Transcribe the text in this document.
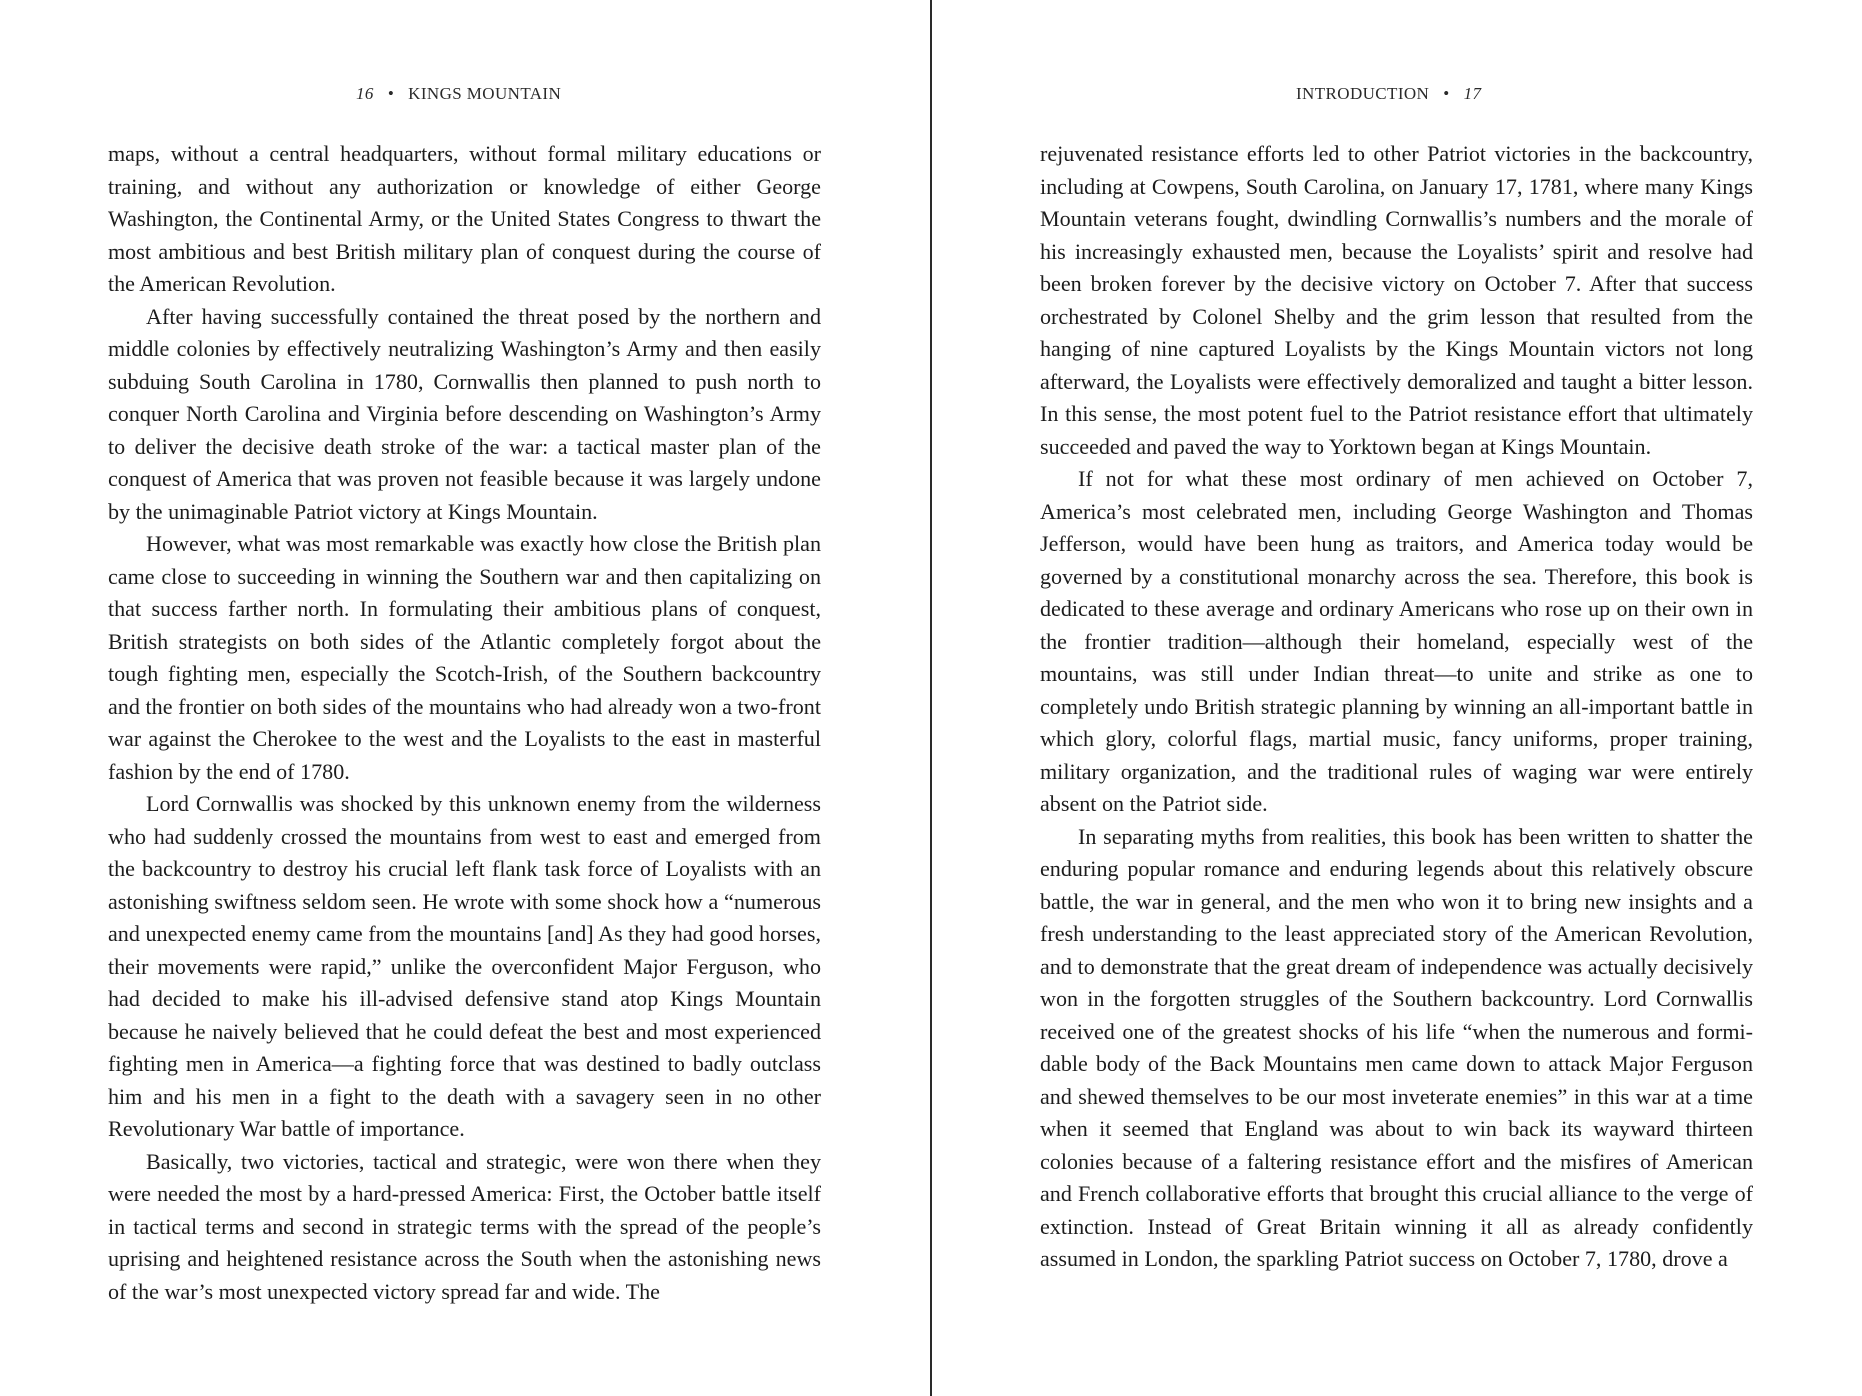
16 • KINGS MOUNTAIN

maps, without a central headquarters, without formal military educations or training, and without any authorization or knowledge of either George Washington, the Continental Army, or the United States Congress to thwart the most ambitious and best British military plan of conquest during the course of the American Revolution.

After having successfully contained the threat posed by the northern and middle colonies by effectively neutralizing Washington’s Army and then easily subduing South Carolina in 1780, Cornwallis then planned to push north to conquer North Carolina and Virginia before descending on Washington’s Army to deliver the decisive death stroke of the war: a tactical master plan of the conquest of America that was proven not feasible because it was largely undone by the unimaginable Patriot victory at Kings Mountain.

However, what was most remarkable was exactly how close the British plan came close to succeeding in winning the Southern war and then capitalizing on that success farther north. In formulating their ambitious plans of conquest, British strategists on both sides of the Atlantic completely forgot about the tough fighting men, especially the Scotch-Irish, of the Southern backcountry and the frontier on both sides of the mountains who had already won a two-front war against the Cherokee to the west and the Loyalists to the east in masterful fashion by the end of 1780.

Lord Cornwallis was shocked by this unknown enemy from the wilderness who had suddenly crossed the mountains from west to east and emerged from the backcountry to destroy his crucial left flank task force of Loyalists with an astonishing swiftness seldom seen. He wrote with some shock how a “numerous and unexpected enemy came from the mountains [and] As they had good horses, their movements were rapid,” unlike the overconfident Major Ferguson, who had decided to make his ill-advised defensive stand atop Kings Mountain because he naively believed that he could defeat the best and most experienced fighting men in America—a fighting force that was destined to badly outclass him and his men in a fight to the death with a savagery seen in no other Revolutionary War battle of importance.

Basically, two victories, tactical and strategic, were won there when they were needed the most by a hard-pressed America: First, the October battle itself in tactical terms and second in strategic terms with the spread of the people’s uprising and heightened resistance across the South when the astonishing news of the war’s most unexpected victory spread far and wide. The

INTRODUCTION • 17

rejuvenated resistance efforts led to other Patriot victories in the backcountry, including at Cowpens, South Carolina, on January 17, 1781, where many Kings Mountain veterans fought, dwindling Cornwallis’s numbers and the morale of his increasingly exhausted men, because the Loyalists’ spirit and resolve had been broken forever by the decisive victory on October 7. After that success orchestrated by Colonel Shelby and the grim lesson that resulted from the hanging of nine captured Loyalists by the Kings Mountain victors not long afterward, the Loyalists were effectively demoralized and taught a bitter lesson. In this sense, the most potent fuel to the Patriot resistance effort that ultimately succeeded and paved the way to Yorktown began at Kings Mountain.

If not for what these most ordinary of men achieved on October 7, America’s most celebrated men, including George Washington and Thomas Jefferson, would have been hung as traitors, and America today would be governed by a constitutional monarchy across the sea. Therefore, this book is dedicated to these average and ordinary Americans who rose up on their own in the frontier tradition—although their homeland, especially west of the mountains, was still under Indian threat—to unite and strike as one to completely undo British strategic planning by winning an all-important battle in which glory, colorful flags, martial music, fancy uniforms, proper training, military organization, and the traditional rules of waging war were entirely absent on the Patriot side.

In separating myths from realities, this book has been written to shatter the enduring popular romance and enduring legends about this relatively obscure battle, the war in general, and the men who won it to bring new insights and a fresh understanding to the least appreciated story of the American Revolution, and to demonstrate that the great dream of independence was actually decisively won in the forgotten struggles of the Southern backcountry. Lord Cornwallis received one of the greatest shocks of his life “when the numerous and formidable body of the Back Mountains men came down to attack Major Ferguson and shewed themselves to be our most inveterate enemies” in this war at a time when it seemed that England was about to win back its wayward thirteen colonies because of a faltering resistance effort and the misfires of American and French collaborative efforts that brought this crucial alliance to the verge of extinction. Instead of Great Britain winning it all as already confidently assumed in London, the sparkling Patriot success on October 7, 1780, drove a
